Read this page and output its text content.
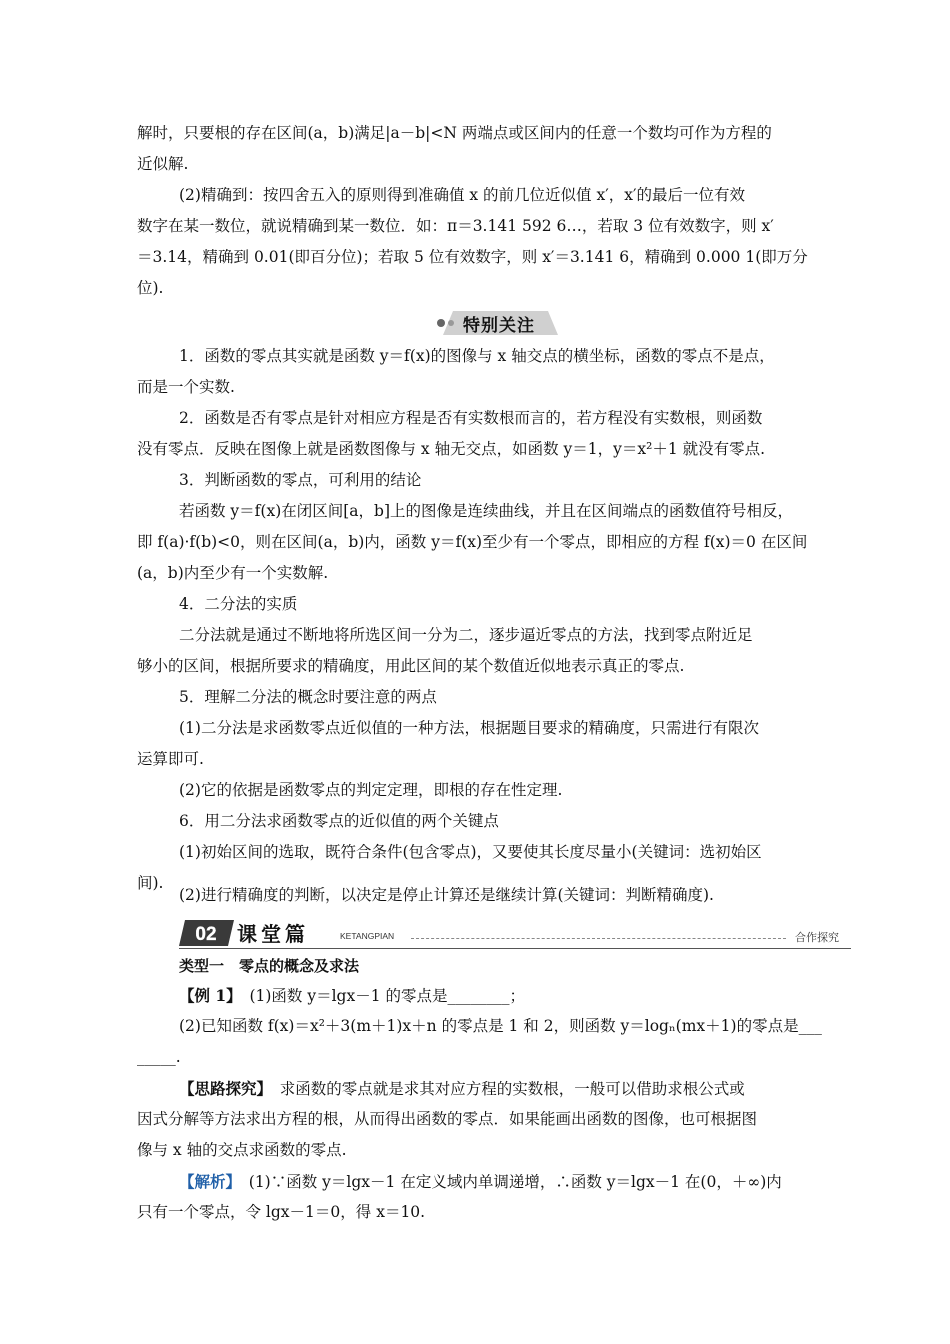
解时，只要根的存在区间(a，b)满足|a－b|<N 两端点或区间内的任意一个数均可作为方程的
近似解.
(2)精确到：按四舍五入的原则得到准确值 x 的前几位近似值 x′，x′的最后一位有效
数字在某一数位，就说精确到某一数位．如：π＝3.141 592 6…，若取 3 位有效数字，则 x′
＝3.14，精确到 0.01(即百分位)；若取 5 位有效数字，则 x′＝3.141 6，精确到 0.000 1(即万分
位).
特别关注
1．函数的零点其实就是函数 y＝f(x)的图像与 x 轴交点的横坐标，函数的零点不是点，
而是一个实数.
2．函数是否有零点是针对相应方程是否有实数根而言的，若方程没有实数根，则函数
没有零点．反映在图像上就是函数图像与 x 轴无交点，如函数 y＝1，y＝x²＋1 就没有零点.
3．判断函数的零点，可利用的结论
若函数 y＝f(x)在闭区间[a，b]上的图像是连续曲线，并且在区间端点的函数值符号相反，
即 f(a)·f(b)<0，则在区间(a，b)内，函数 y＝f(x)至少有一个零点，即相应的方程 f(x)＝0 在区间
(a，b)内至少有一个实数解.
4．二分法的实质
二分法就是通过不断地将所选区间一分为二，逐步逼近零点的方法，找到零点附近足
够小的区间，根据所要求的精确度，用此区间的某个数值近似地表示真正的零点.
5．理解二分法的概念时要注意的两点
(1)二分法是求函数零点近似值的一种方法，根据题目要求的精确度，只需进行有限次
运算即可.
(2)它的依据是函数零点的判定定理，即根的存在性定理.
6．用二分法求函数零点的近似值的两个关键点
(1)初始区间的选取，既符合条件(包含零点)，又要使其长度尽量小(关键词：选初始区
间).
(2)进行精确度的判断，以决定是停止计算还是继续计算(关键词：判断精确度).
02 课堂篇	KETANGPIAN	合作探究
类型一　零点的概念及求法
【例 1】　(1)函数 y＝lgx－1 的零点是________；
(2)已知函数 f(x)＝x²＋3(m＋1)x＋n 的零点是 1 和 2，则函数 y＝logₙ(mx＋1)的零点是___
_____.
【思路探究】　求函数的零点就是求其对应方程的实数根，一般可以借助求根公式或
因式分解等方法求出方程的根，从而得出函数的零点．如果能画出函数的图像，也可根据图
像与 x 轴的交点求函数的零点.
【解析】　(1)∵函数 y＝lgx－1 在定义域内单调递增，∴函数 y＝lgx－1 在(0，＋∞)内
只有一个零点，令 lgx－1＝0，得 x＝10.
